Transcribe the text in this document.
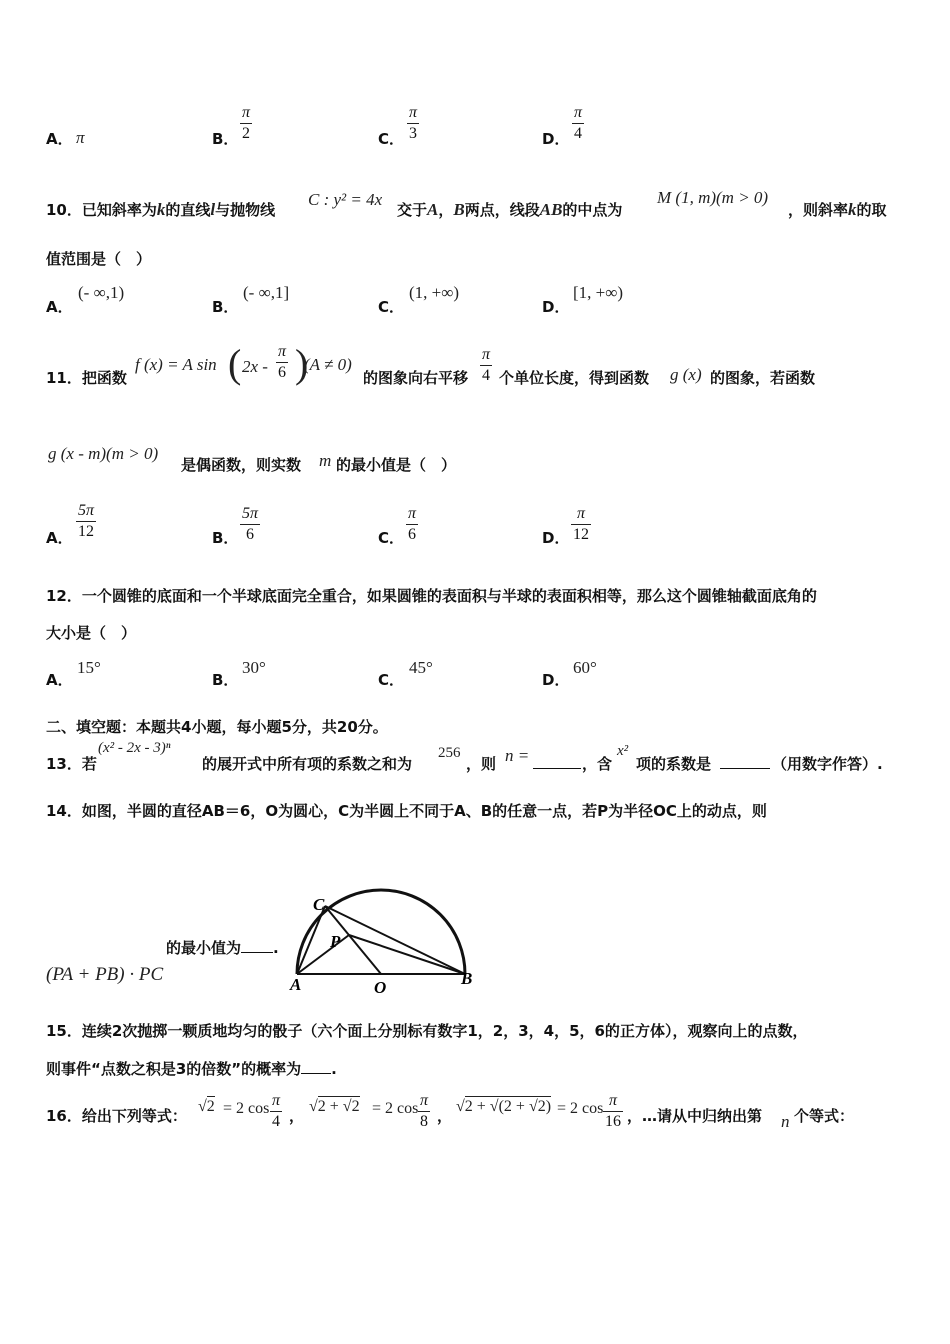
A． π	B．
π
2	C．
π
3	D．
π
4
10．已知斜率为k的直线l与抛物线
C : y² = 4x
交于A，B两点，线段AB的中点为
M (1, m)(m > 0)
，则斜率k的取
值范围是（　）
A．
(- ∞,1)
B．
(- ∞,1]
C．
(1, +∞)
D．
[1, +∞)
11．把函数
f (x) = A sin ( 2x -
π
6 )
(A ≠ 0)
的图象向右平移
π
4 个单位长度，得到函数 g (x) 的图象，若函数
g (x - m)(m > 0)
是偶函数，则实数 m 的最小值是（　）
A．
5π
12	B．
5π
6	C．
π
6	D．
π
12
12．一个圆锥的底面和一个半球底面完全重合，如果圆锥的表面积与半球的表面积相等，那么这个圆锥轴截面底角的
大小是（　）
A．
15°
B．
30°
C．
45°
D．
60°
二、填空题：本题共4小题，每小题5分，共20分。
13．若
(x² - 2x - 3)ⁿ
的展开式中所有项的系数之和为
256
，则 n =	，含
x²
项的系数是	（用数字作答）.
14．如图，半圆的直径AB＝6，O为圆心，C为半圆上不同于A、B的任意一点，若P为半径OC上的动点，则
的最小值为 .
(PA + PB) · PC
C
P
A	O	B
15．连续2次抛掷一颗质地均匀的骰子（六个面上分别标有数字1，2，3，4，5，6的正方体），观察向上的点数，
则事件“点数之积是3的倍数”的概率为 .
16．给出下列等式：
√2 = 2 cos π
4 ，
√2 + √2 = 2 cos π
8 ，
√2 + √(2 + √2) = 2 cos π
16 ，…请从中归纳出第 n 个等式：
